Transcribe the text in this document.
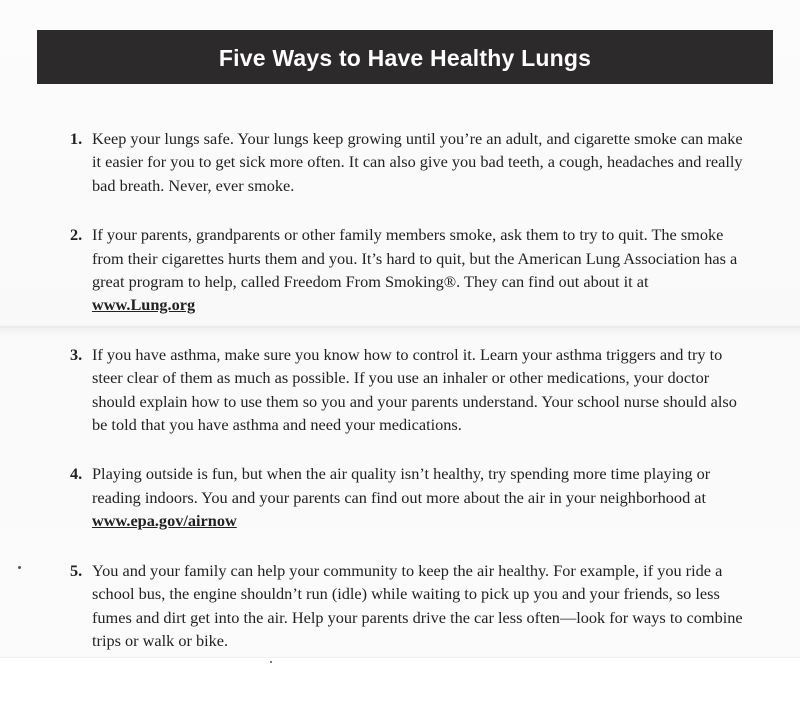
Five Ways to Have Healthy Lungs
1. Keep your lungs safe. Your lungs keep growing until you’re an adult, and cigarette smoke can make it easier for you to get sick more often. It can also give you bad teeth, a cough, headaches and really bad breath. Never, ever smoke.
2. If your parents, grandparents or other family members smoke, ask them to try to quit. The smoke from their cigarettes hurts them and you. It’s hard to quit, but the American Lung Association has a great program to help, called Freedom From Smoking®. They can find out about it at www.Lung.org
3. If you have asthma, make sure you know how to control it. Learn your asthma triggers and try to steer clear of them as much as possible. If you use an inhaler or other medications, your doctor should explain how to use them so you and your parents understand. Your school nurse should also be told that you have asthma and need your medications.
4. Playing outside is fun, but when the air quality isn’t healthy, try spending more time playing or reading indoors. You and your parents can find out more about the air in your neighborhood at www.epa.gov/airnow
5. You and your family can help your community to keep the air healthy. For example, if you ride a school bus, the engine shouldn’t run (idle) while waiting to pick up you and your friends, so less fumes and dirt get into the air. Help your parents drive the car less often—look for ways to combine trips or walk or bike.
